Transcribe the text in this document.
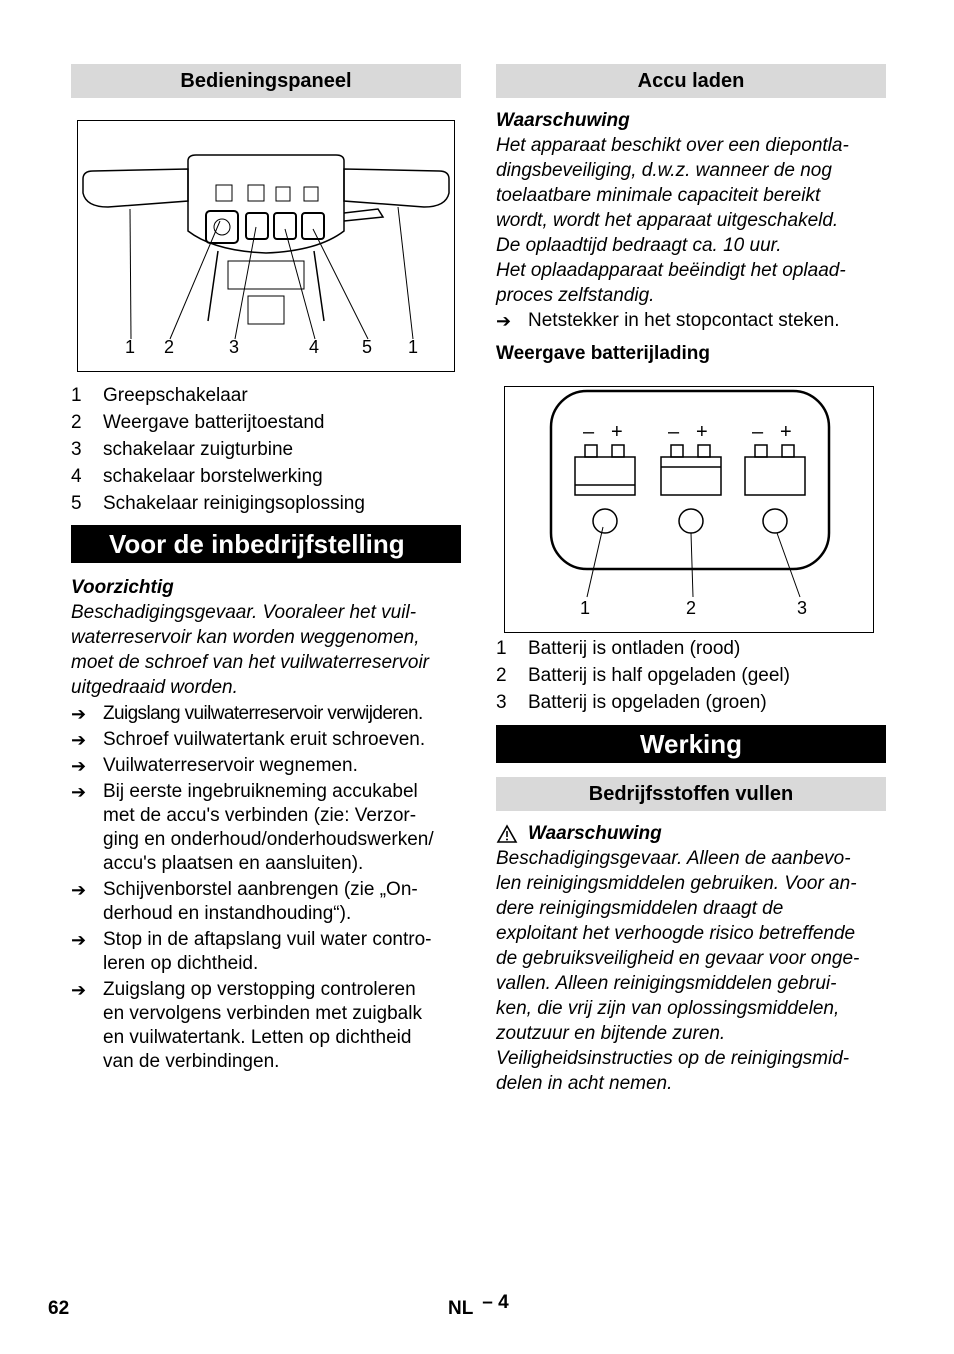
Bedieningspaneel
1 2	3	4 5 1
1	Greepschakelaar
2	Weergave batterijtoestand
3	schakelaar zuigturbine
4	schakelaar borstelwerking
5	Schakelaar reinigingsoplossing
Voor de inbedrijfstelling
Voorzichtig
Beschadigingsgevaar. Vooraleer het vuil-
waterreservoir kan worden weggenomen,
moet de schroef van het vuilwaterreservoir
uitgedraaid worden.
➔ Zuigslang vuilwaterreservoir verwijderen.
➔ Schroef vuilwatertank eruit schroeven.
➔ Vuilwaterreservoir wegnemen.
➔ Bij eerste ingebruikneming accukabel
met de accu's verbinden (zie: Verzor-
ging en onderhoud/onderhoudswerken/
accu's plaatsen en aansluiten).
➔ Schijvenborstel aanbrengen (zie „On-
derhoud en instandhouding“).
➔ Stop in de aftapslang vuil water contro-
leren op dichtheid.
➔ Zuigslang op verstopping controleren
en vervolgens verbinden met zuigbalk
en vuilwatertank. Letten op dichtheid
van de verbindingen.
Accu laden
Waarschuwing
Het apparaat beschikt over een diepontla-
dingsbeveiliging, d.w.z. wanneer de nog
toelaatbare minimale capaciteit bereikt
wordt, wordt het apparaat uitgeschakeld.
De oplaadtijd bedraagt ca. 10 uur.
Het oplaadapparaat beëindigt het oplaad-
proces zelfstandig.
➔ Netstekker in het stopcontact steken.
Weergave batterijlading
– + – + – +
1	2	3
1	Batterij is ontladen (rood)
2	Batterij is half opgeladen (geel)
3	Batterij is opgeladen (groen)
Werking
Bedrijfsstoffen vullen
Waarschuwing
Beschadigingsgevaar. Alleen de aanbevo-
len reinigingsmiddelen gebruiken. Voor an-
dere reinigingsmiddelen draagt de
exploitant het verhoogde risico betreffende
de gebruiksveiligheid en gevaar voor onge-
vallen. Alleen reinigingsmiddelen gebrui-
ken, die vrij zijn van oplossingsmiddelen,
zoutzuur en bijtende zuren.
Veiligheidsinstructies op de reinigingsmid-
delen in acht nemen.
62	NL – 4
